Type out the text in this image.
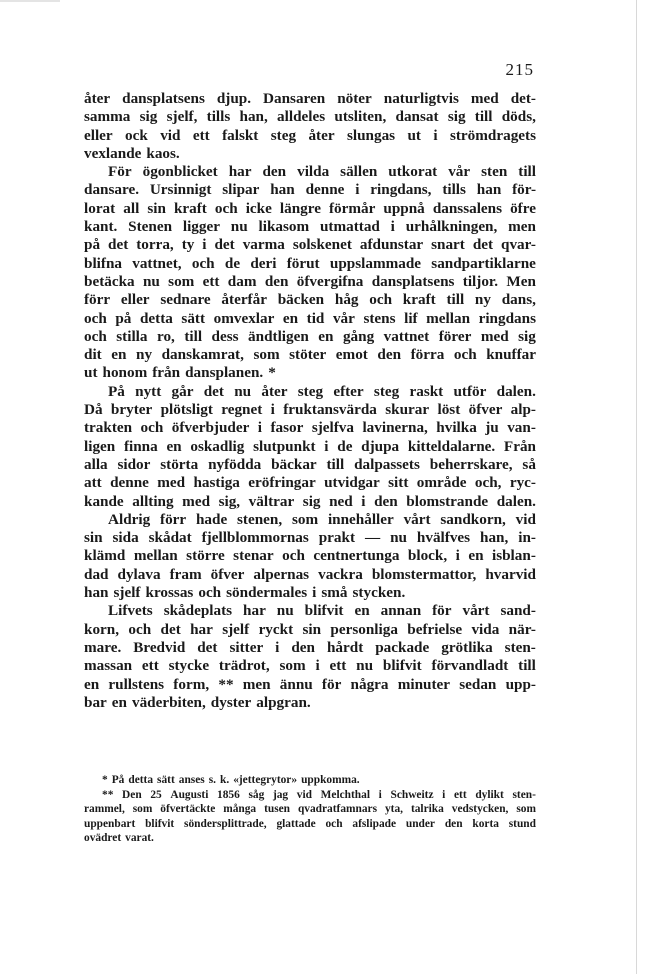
215
åter dansplatsens djup. Dansaren nöter naturligtvis med det-
samma sig sjelf, tills han, alldeles utsliten, dansat sig till döds,
eller ock vid ett falskt steg åter slungas ut i strömdragets
vexlande kaos.
För ögonblicket har den vilda sällen utkorat vår sten till
dansare. Ursinnigt slipar han denne i ringdans, tills han för-
lorat all sin kraft och icke längre förmår uppnå danssalens öfre
kant. Stenen ligger nu likasom utmattad i urhålkningen, men
på det torra, ty i det varma solskenet afdunstar snart det qvar-
blifna vattnet, och de deri förut uppslammade sandpartiklarne
betäcka nu som ett dam den öfvergifna dansplatsens tiljor. Men
förr eller sednare återfår bäcken håg och kraft till ny dans,
och på detta sätt omvexlar en tid vår stens lif mellan ringdans
och stilla ro, till dess ändtligen en gång vattnet förer med sig
dit en ny danskamrat, som stöter emot den förra och knuffar
ut honom från dansplanen. *
På nytt går det nu åter steg efter steg raskt utför dalen.
Då bryter plötsligt regnet i fruktansvärda skurar löst öfver alp-
trakten och öfverbjuder i fasor sjelfva lavinerna, hvilka ju van-
ligen finna en oskadlig slutpunkt i de djupa kitteldalarne. Från
alla sidor störta nyfödda bäckar till dalpassets beherrskare, så
att denne med hastiga eröfringar utvidgar sitt område och, ryc-
kande allting med sig, vältrar sig ned i den blomstrande dalen.
Aldrig förr hade stenen, som innehåller vårt sandkorn, vid
sin sida skådat fjellblommornas prakt — nu hvälfves han, in-
klämd mellan större stenar och centnertunga block, i en isblan-
dad dylava fram öfver alpernas vackra blomstermattor, hvarvid
han sjelf krossas och söndermales i små stycken.
Lifvets skådeplats har nu blifvit en annan för vårt sand-
korn, och det har sjelf ryckt sin personliga befrielse vida när-
mare. Bredvid det sitter i den hårdt packade grötlika sten-
massan ett stycke trädrot, som i ett nu blifvit förvandladt till
en rullstens form, ** men ännu för några minuter sedan upp-
bar en väderbiten, dyster alpgran.
* På detta sätt anses s. k. «jettegrytor» uppkomma.
** Den 25 Augusti 1856 såg jag vid Melchthal i Schweitz i ett dylikt sten-
rammel, som öfvertäckte många tusen qvadratfamnars yta, talrika vedstycken, som
uppenbart blifvit söndersplittrade, glattade och afslipade under den korta stund
ovädret varat.
